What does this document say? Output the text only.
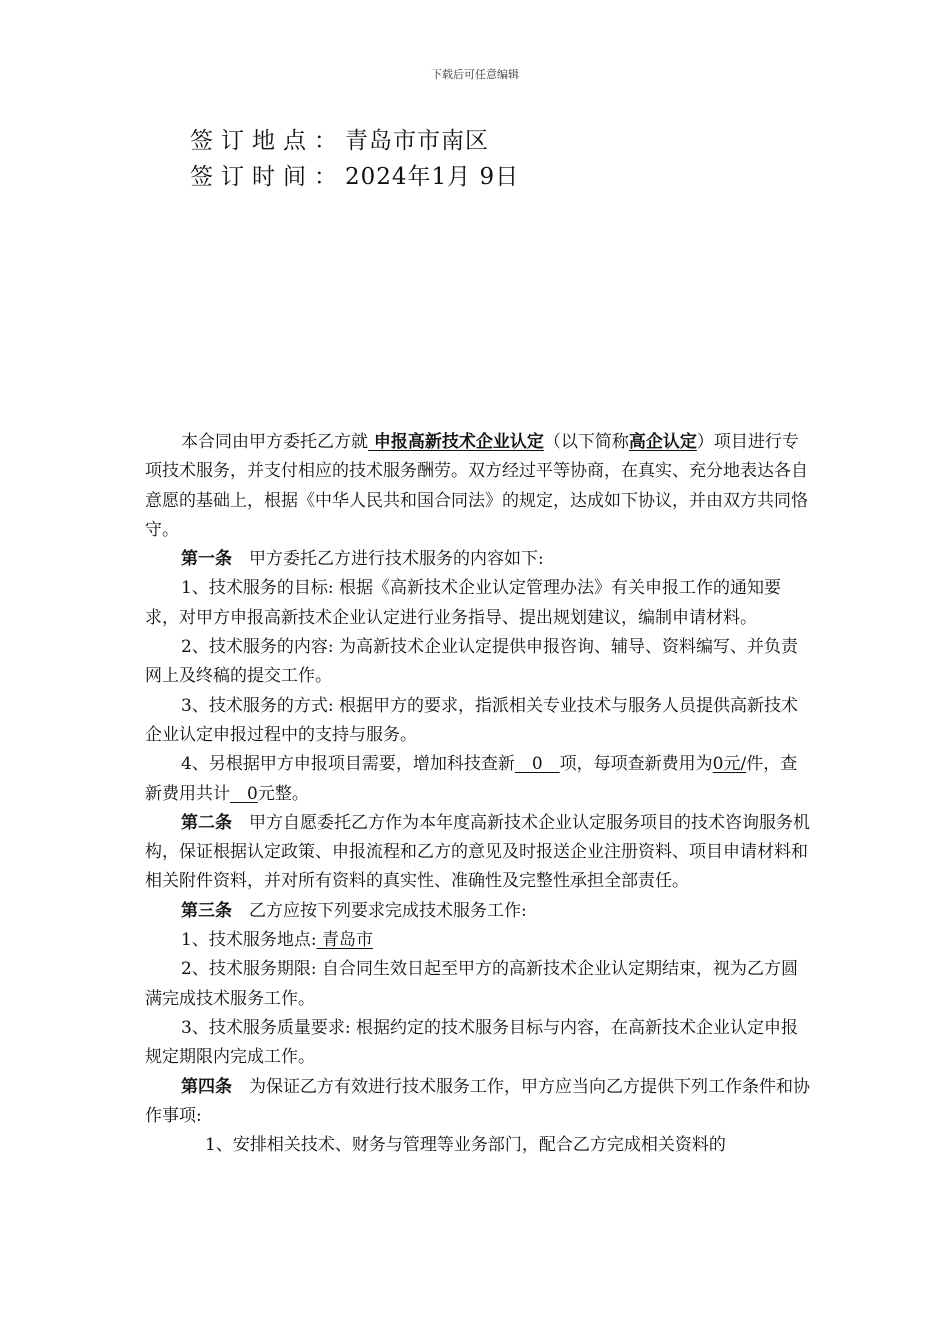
下载后可任意编辑
签订地点：青岛市市南区
签订时间：2024年1月 9日

本合同由甲方委托乙方就 申报高新技术企业认定（以下简称高企认定）项目进行专项技术服务，并支付相应的技术服务酬劳。双方经过平等协商，在真实、充分地表达各自意愿的基础上，根据《中华人民共和国合同法》的规定，达成如下协议，并由双方共同恪守。

第一条　甲方委托乙方进行技术服务的内容如下:

1、技术服务的目标: 根据《高新技术企业认定管理办法》有关申报工作的通知要求，对甲方申报高新技术企业认定进行业务指导、提出规划建议，编制申请材料。

2、技术服务的内容: 为高新技术企业认定提供申报咨询、辅导、资料编写、并负责网上及终稿的提交工作。

3、技术服务的方式: 根据甲方的要求，指派相关专业技术与服务人员提供高新技术企业认定申报过程中的支持与服务。

4、另根据甲方申报项目需要，增加科技查新　0　项，每项查新费用为0元/件，查新费用共计　0元整。

第二条　甲方自愿委托乙方作为本年度高新技术企业认定服务项目的技术咨询服务机构，保证根据认定政策、申报流程和乙方的意见及时报送企业注册资料、项目申请材料和相关附件资料，并对所有资料的真实性、准确性及完整性承担全部责任。

第三条　乙方应按下列要求完成技术服务工作:

1、技术服务地点: 青岛市

2、技术服务期限: 自合同生效日起至甲方的高新技术企业认定期结束，视为乙方圆满完成技术服务工作。

3、技术服务质量要求: 根据约定的技术服务目标与内容，在高新技术企业认定申报规定期限内完成工作。

第四条　为保证乙方有效进行技术服务工作，甲方应当向乙方提供下列工作条件和协作事项:

1、安排相关技术、财务与管理等业务部门，配合乙方完成相关资料的
